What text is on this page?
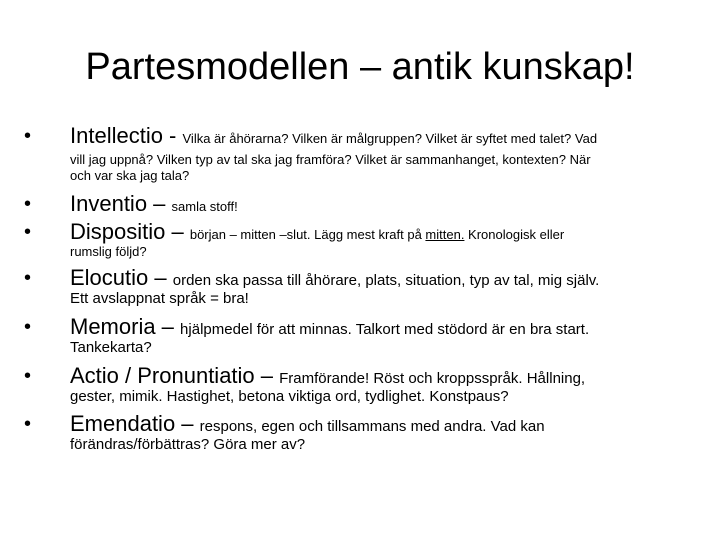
Partesmodellen – antik kunskap!
• Intellectio - Vilka är åhörarna? Vilken är målgruppen? Vilket är syftet med talet? Vad
vill jag uppnå? Vilken typ av tal ska jag framföra? Vilket är sammanhanget, kontexten? När
och var ska jag tala?
• Inventio – samla stoff!
• Dispositio – början – mitten –slut. Lägg mest kraft på mitten. Kronologisk eller
rumslig följd?
• Elocutio – orden ska passa till åhörare, plats, situation, typ av tal, mig själv.
Ett avslappnat språk = bra!
• Memoria – hjälpmedel för att minnas. Talkort med stödord är en bra start.
Tankekarta?
• Actio / Pronuntiatio – Framförande! Röst och kroppsspråk. Hållning,
gester, mimik. Hastighet, betona viktiga ord, tydlighet. Konstpaus?
• Emendatio – respons, egen och tillsammans med andra. Vad kan
förändras/förbättras? Göra mer av?
